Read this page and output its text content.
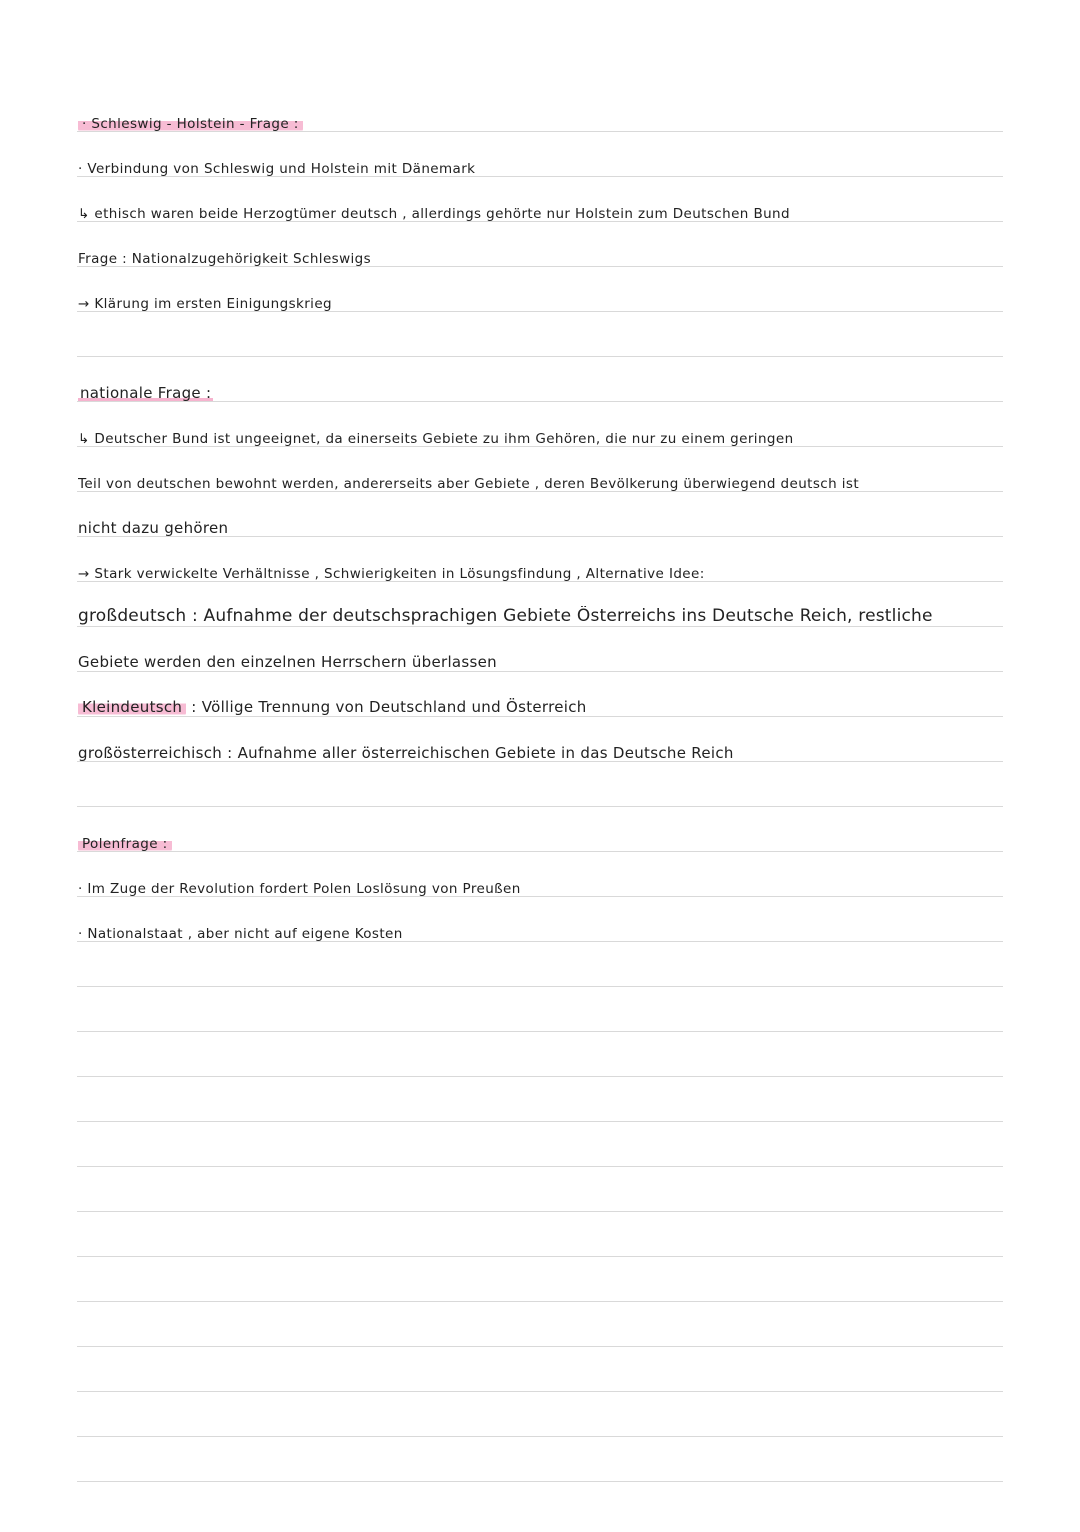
· Schleswig - Holstein - Frage :
· Verbindung von Schleswig und Holstein mit Dänemark
↳ ethisch waren beide Herzogtümer deutsch , allerdings gehörte nur Holstein zum Deutschen Bund
Frage : Nationalzugehörigkeit Schleswigs
→ Klärung im ersten Einigungskrieg
nationale Frage :
↳ Deutscher Bund ist ungeeignet, da einerseits Gebiete zu ihm Gehören, die nur zu einem geringen
Teil von deutschen bewohnt werden, andererseits aber Gebiete , deren Bevölkerung überwiegend deutsch ist
nicht dazu gehören
→ Stark verwickelte Verhältnisse , Schwierigkeiten in Lösungsfindung , Alternative Idee:
großdeutsch : Aufnahme der deutschsprachigen Gebiete Österreichs ins Deutsche Reich, restliche
Gebiete werden den einzelnen Herrschern überlassen
Kleindeutsch : Völlige Trennung von Deutschland und Österreich
großösterreichisch : Aufnahme aller österreichischen Gebiete in das Deutsche Reich
Polenfrage :
· Im Zuge der Revolution fordert Polen Loslösung von Preußen
· Nationalstaat , aber nicht auf eigene Kosten
